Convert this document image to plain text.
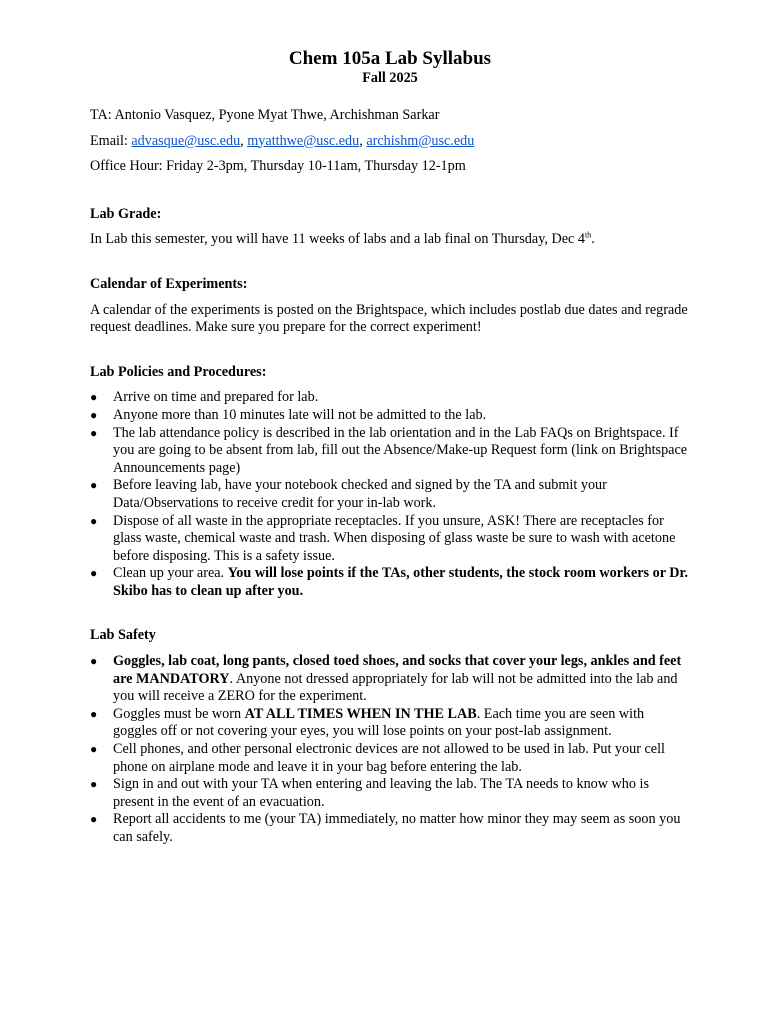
Chem 105a Lab Syllabus
Fall 2025
TA: Antonio Vasquez, Pyone Myat Thwe, Archishman Sarkar
Email: advasque@usc.edu, myatthwe@usc.edu, archishm@usc.edu
Office Hour: Friday 2-3pm, Thursday 10-11am, Thursday 12-1pm
Lab Grade:

In Lab this semester, you will have 11 weeks of labs and a lab final on Thursday, Dec 4th.

Calendar of Experiments:

A calendar of the experiments is posted on the Brightspace, which includes postlab due dates and regrade request deadlines. Make sure you prepare for the correct experiment!

Lab Policies and Procedures:
● Arrive on time and prepared for lab.
● Anyone more than 10 minutes late will not be admitted to the lab.
● The lab attendance policy is described in the lab orientation and in the Lab FAQs on Brightspace. If you are going to be absent from lab, fill out the Absence/Make-up Request form (link on Brightspace Announcements page)
● Before leaving lab, have your notebook checked and signed by the TA and submit your Data/Observations to receive credit for your in-lab work.
● Dispose of all waste in the appropriate receptacles. If you unsure, ASK! There are receptacles for glass waste, chemical waste and trash. When disposing of glass waste be sure to wash with acetone before disposing. This is a safety issue.
● Clean up your area. You will lose points if the TAs, other students, the stock room workers or Dr. Skibo has to clean up after you.
Lab Safety
● Goggles, lab coat, long pants, closed toed shoes, and socks that cover your legs, ankles and feet are MANDATORY. Anyone not dressed appropriately for lab will not be admitted into the lab and you will receive a ZERO for the experiment.
● Goggles must be worn AT ALL TIMES WHEN IN THE LAB. Each time you are seen with goggles off or not covering your eyes, you will lose points on your post-lab assignment.
● Cell phones, and other personal electronic devices are not allowed to be used in lab. Put your cell phone on airplane mode and leave it in your bag before entering the lab.
● Sign in and out with your TA when entering and leaving the lab. The TA needs to know who is present in the event of an evacuation.
● Report all accidents to me (your TA) immediately, no matter how minor they may seem as soon you can safely.
